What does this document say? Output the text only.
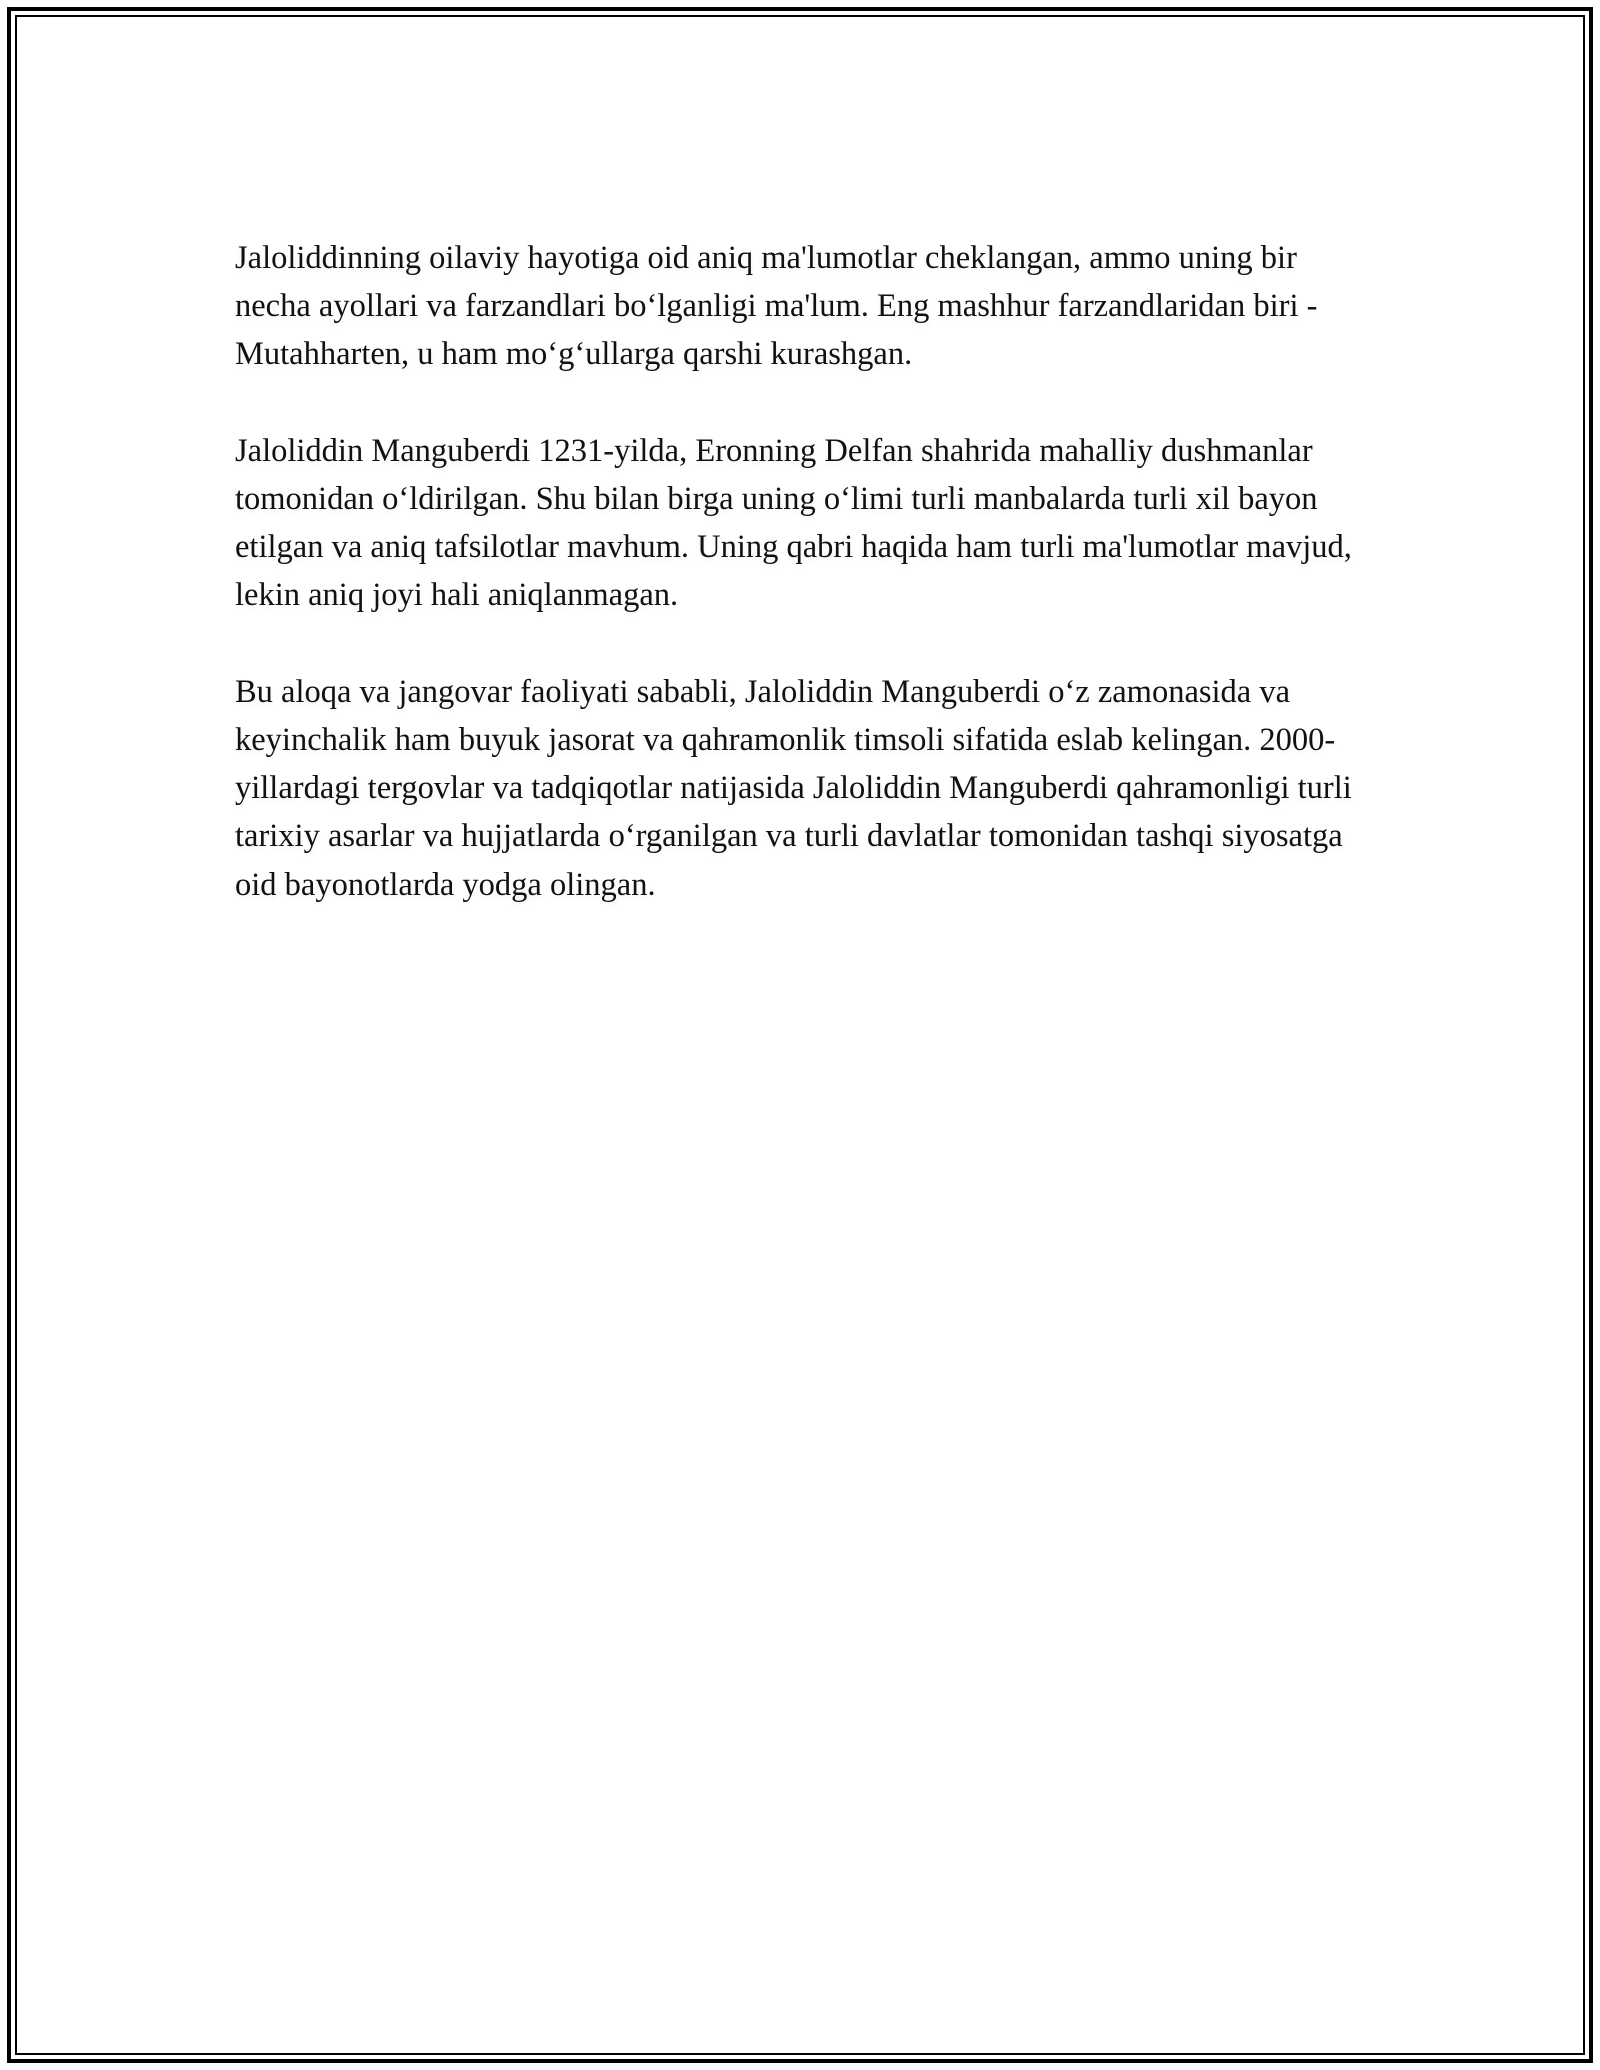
Jaloliddinning oilaviy hayotiga oid aniq ma'lumotlar cheklangan, ammo uning bir necha ayollari va farzandlari boʻlganligi ma'lum. Eng mashhur farzandlaridan biri - Mutahharten, u ham moʻgʻullarga qarshi kurashgan.

Jaloliddin Manguberdi 1231-yilda, Eronning Delfan shahrida mahalliy dushmanlar tomonidan oʻldirilgan. Shu bilan birga uning oʻlimi turli manbalarda turli xil bayon etilgan va aniq tafsilotlar mavhum. Uning qabri haqida ham turli ma'lumotlar mavjud, lekin aniq joyi hali aniqlanmagan.

Bu aloqa va jangovar faoliyati sababli, Jaloliddin Manguberdi oʻz zamonasida va keyinchalik ham buyuk jasorat va qahramonlik timsoli sifatida eslab kelingan. 2000-yillardagi tergovlar va tadqiqotlar natijasida Jaloliddin Manguberdi qahramonligi turli tarixiy asarlar va hujjatlarda oʻrganilgan va turli davlatlar tomonidan tashqi siyosatga oid bayonotlarda yodga olingan.
